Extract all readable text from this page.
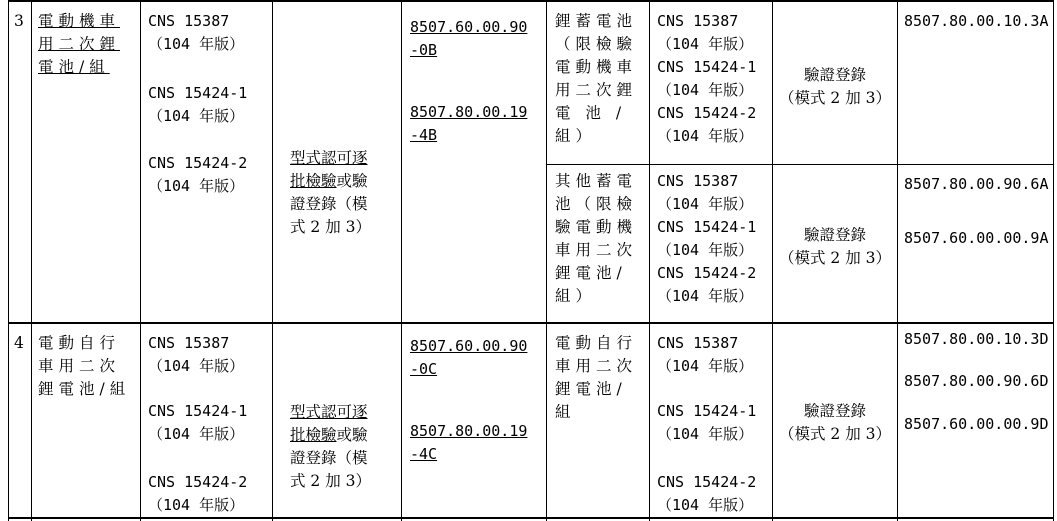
3 電動機車
用二次鋰
電池/組
CNS 15387
（104 年版）
CNS 15424-1
（104 年版）
CNS 15424-2
（104 年版）

型式認可逐
批檢驗或驗
證登錄（模
式 2 加 3）

8507.60.00.90
-0B
8507.80.00.19
-4B
鋰蓄電池
（限檢驗
電動機車
用二次鋰
電 池 /
組）
CNS 15387
（104 年版）
CNS 15424-1
（104 年版）
CNS 15424-2
（104 年版）
驗證登錄
（模式 2 加 3）
8507.80.00.10.3A
其他蓄電
池（限檢
驗電動機
車用二次
鋰電池/
組）
CNS 15387
（104 年版）
CNS 15424-1
（104 年版）
CNS 15424-2
（104 年版）
驗證登錄
（模式 2 加 3）
8507.80.00.90.6A
8507.60.00.00.9A
4 電動自行
車用二次
鋰電池/組
CNS 15387
（104 年版）
CNS 15424-1
（104 年版）
CNS 15424-2
（104 年版）

型式認可逐
批檢驗或驗
證登錄（模
式 2 加 3）

8507.60.00.90
-0C
8507.80.00.19
-4C
電動自行
車用二次
鋰電池/
組
CNS 15387
（104 年版）
CNS 15424-1
（104 年版）
CNS 15424-2
（104 年版）
驗證登錄
（模式 2 加 3）
8507.80.00.10.3D
8507.80.00.90.6D
8507.60.00.00.9D
